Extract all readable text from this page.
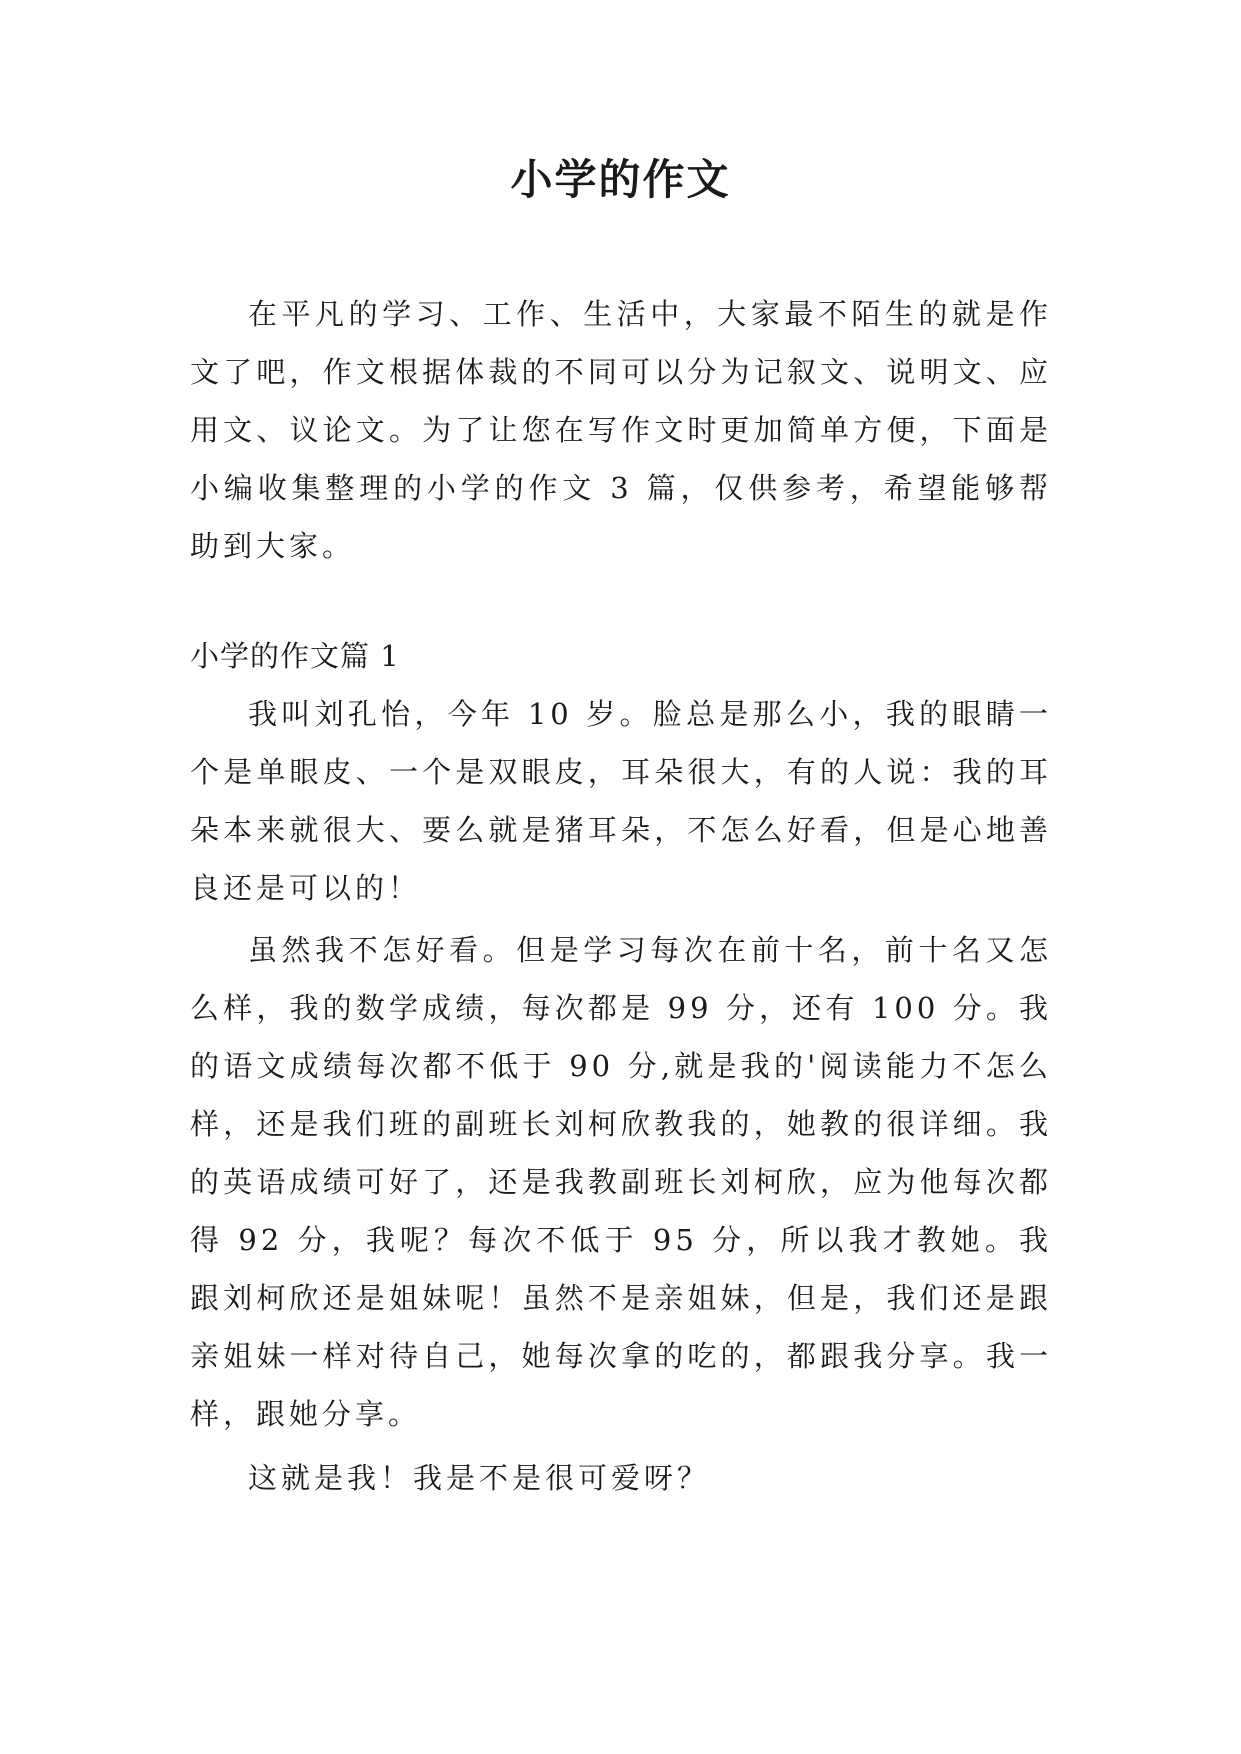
小学的作文

在平凡的学习、工作、生活中，大家最不陌生的就是作文了吧，作文根据体裁的不同可以分为记叙文、说明文、应用文、议论文。为了让您在写作文时更加简单方便，下面是小编收集整理的小学的作文 3 篇，仅供参考，希望能够帮助到大家。

小学的作文篇 1

我叫刘孔怡，今年 10 岁。脸总是那么小，我的眼睛一个是单眼皮、一个是双眼皮，耳朵很大，有的人说：我的耳朵本来就很大、要么就是猪耳朵，不怎么好看，但是心地善良还是可以的！

虽然我不怎好看。但是学习每次在前十名，前十名又怎么样，我的数学成绩，每次都是 99 分，还有 100 分。我的语文成绩每次都不低于 90 分,就是我的'阅读能力不怎么样，还是我们班的副班长刘柯欣教我的，她教的很详细。我的英语成绩可好了，还是我教副班长刘柯欣，应为他每次都得 92 分，我呢？每次不低于 95 分，所以我才教她。我跟刘柯欣还是姐妹呢！虽然不是亲姐妹，但是，我们还是跟亲姐妹一样对待自己，她每次拿的吃的，都跟我分享。我一样，跟她分享。

这就是我！我是不是很可爱呀？
